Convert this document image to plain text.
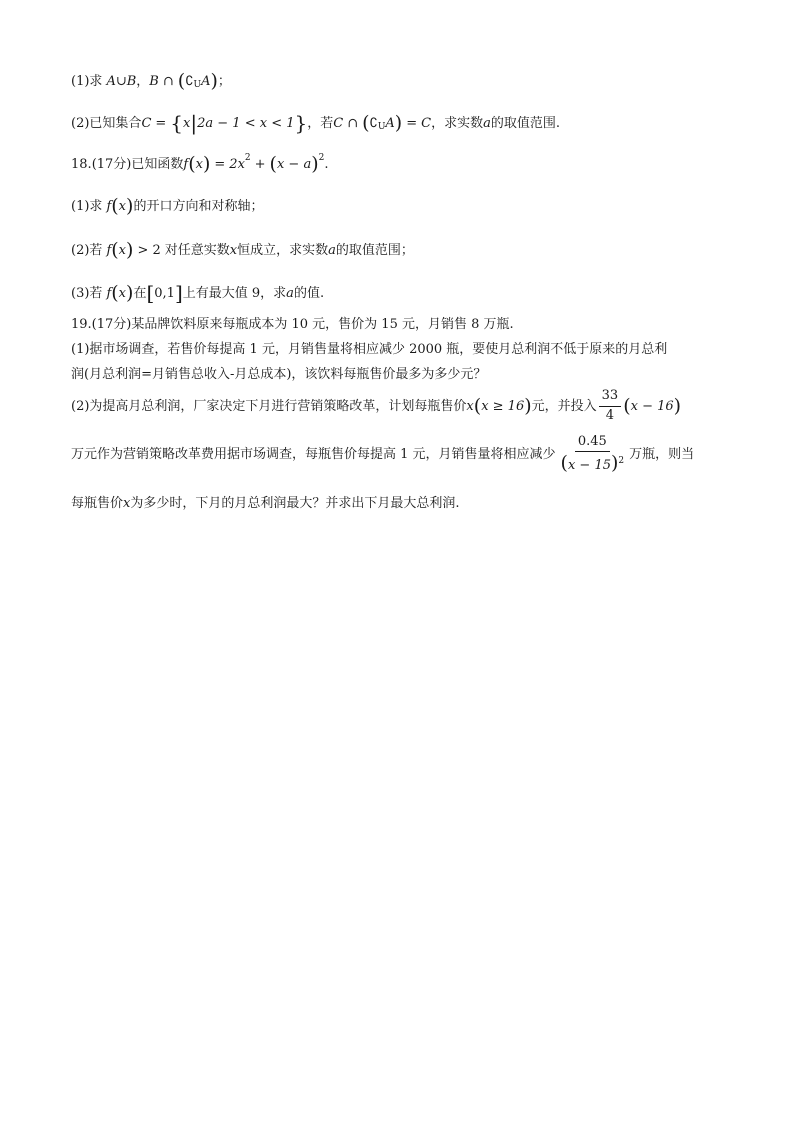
(1) 求 A∪B ， B ∩ ( ∁ U A ) ；
(2) 已知集合 C = { x | 2a − 1 < x < 1 } ，若 C ∩ ( ∁ U A ) = C ，求实数 a 的取值范围.
18. (17分) 已知函数 f ( x ) = 2x 2 + ( x − a ) 2 .
(1) 求 f ( x ) 的开口方向和对称轴；
(2) 若 f ( x ) > 2 对任意实数 x 恒成立，求实数 a 的取值范围；
(3) 若 f ( x ) 在 [ 0,1 ] 上有最大值 9，求 a 的值.
19.(17分)某品牌饮料原来每瓶成本为 10 元，售价为 15 元，月销售 8 万瓶.
(1)据市场调查，若售价每提高 1 元，月销售量将相应减少 2000 瓶，要使月总利润不低于原来的月总利
润(月总利润=月销售总收入-月总成本)，该饮料每瓶售价最多为多少元？
(2)为提高月总利润，厂家决定下月进行营销策略改革，计划每瓶售价 x ( x ≥ 16 ) 元，并投入 $\frac{33}{4}$ ( x − 16 )
万元作为营销策略改革费用据市场调查，每瓶售价每提高 1 元，月销售量将相应减少 $\frac{0.45}{(x - 15)^2}$ 万瓶，则当
每瓶售价 x 为多少时，下月的月总利润最大？并求出下月最大总利润.
